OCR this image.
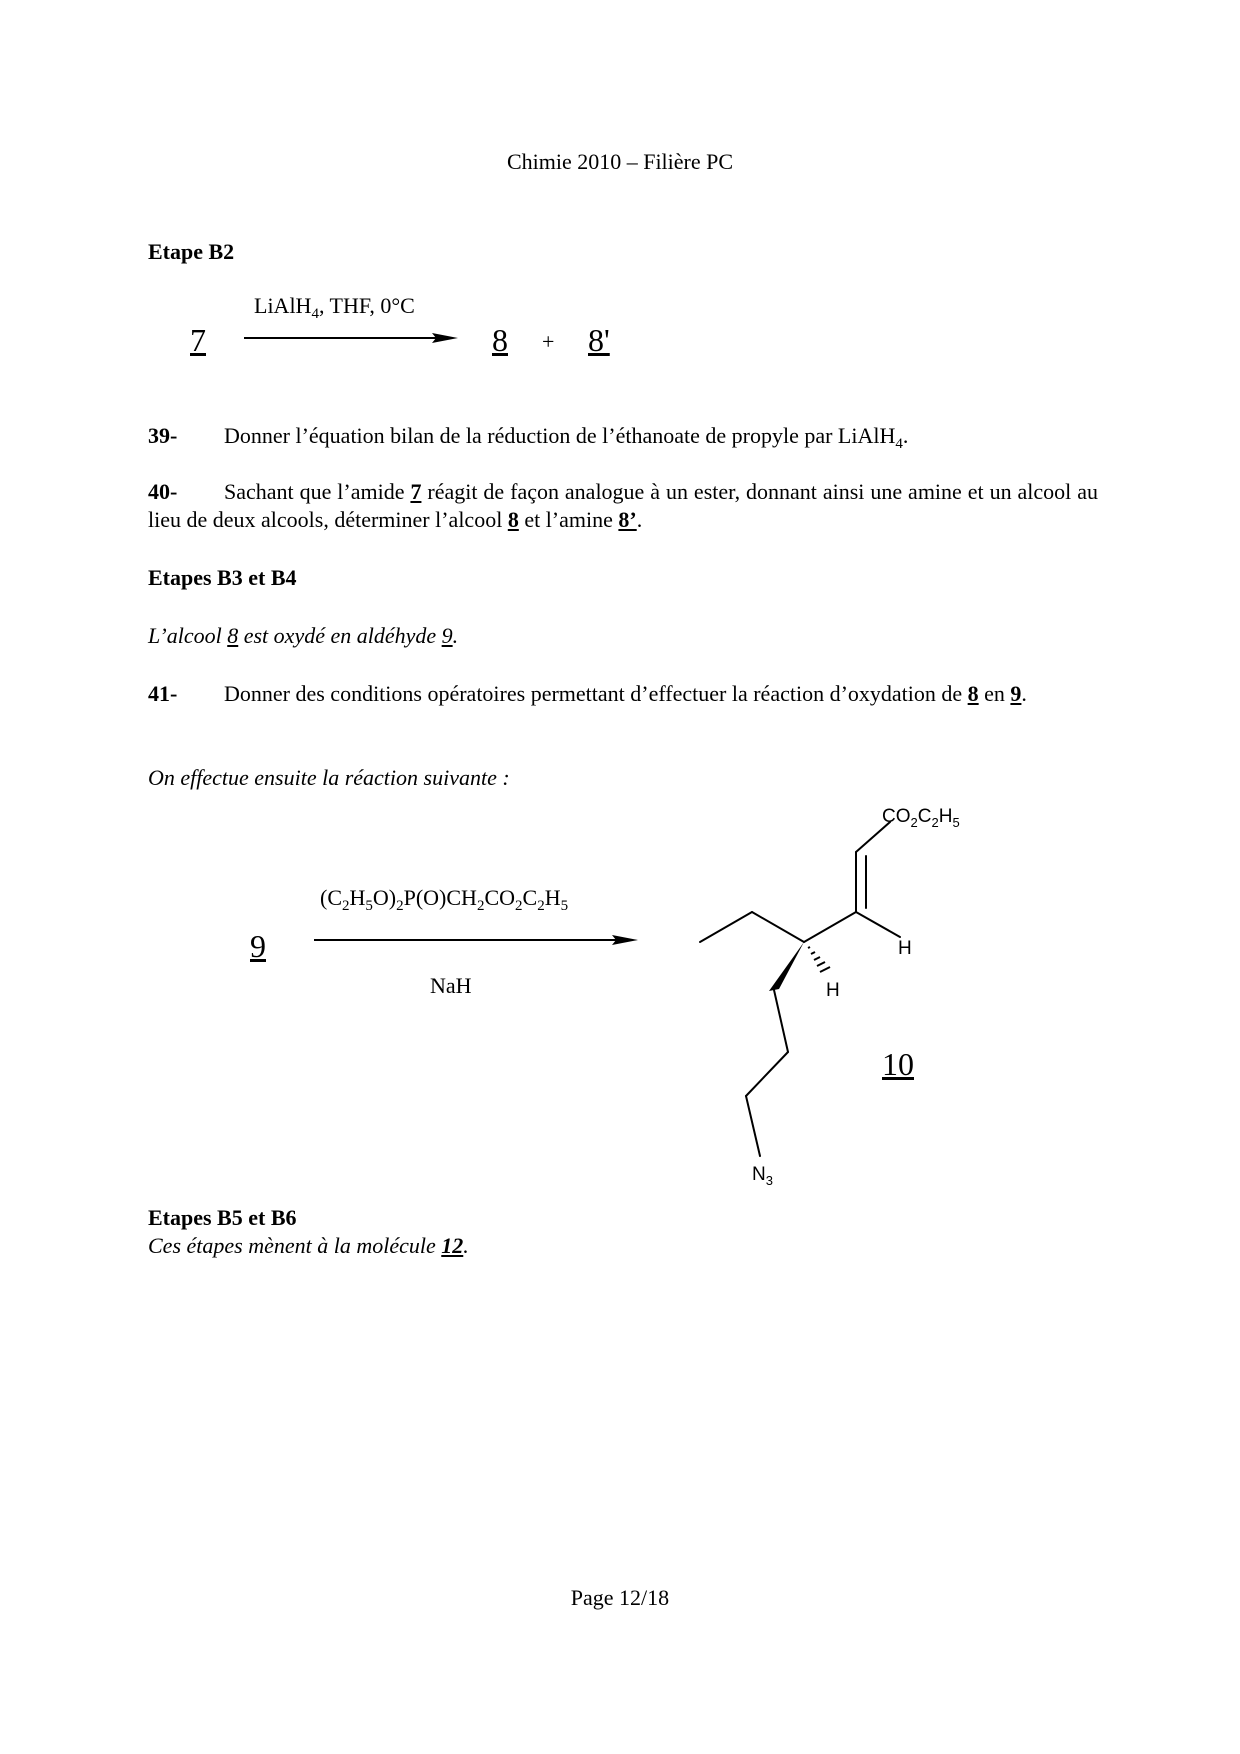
Chimie 2010 – Filière PC
Etape B2
7
LiAlH$_4$, THF, 0°C
8 + 8'
39- Donner l’équation bilan de la réduction de l’éthanoate de propyle par LiAlH$_4$.
40- Sachant que l’amide 7 réagit de façon analogue à un ester, donnant ainsi une amine et un alcool au lieu de deux alcools, déterminer l’alcool 8 et l’amine 8’.
Etapes B3 et B4
L’alcool 8 est oxydé en aldéhyde 9.
41- Donner des conditions opératoires permettant d’effectuer la réaction d’oxydation de 8 en 9.
On effectue ensuite la réaction suivante :
9
$(C_2H_5O)_2P(O)CH_2CO_2C_2H_5$
NaH
$CO_2C_2H_5$
H
H
$N_3$
10
Etapes B5 et B6
Ces étapes mènent à la molécule 12.
Page 12/18
